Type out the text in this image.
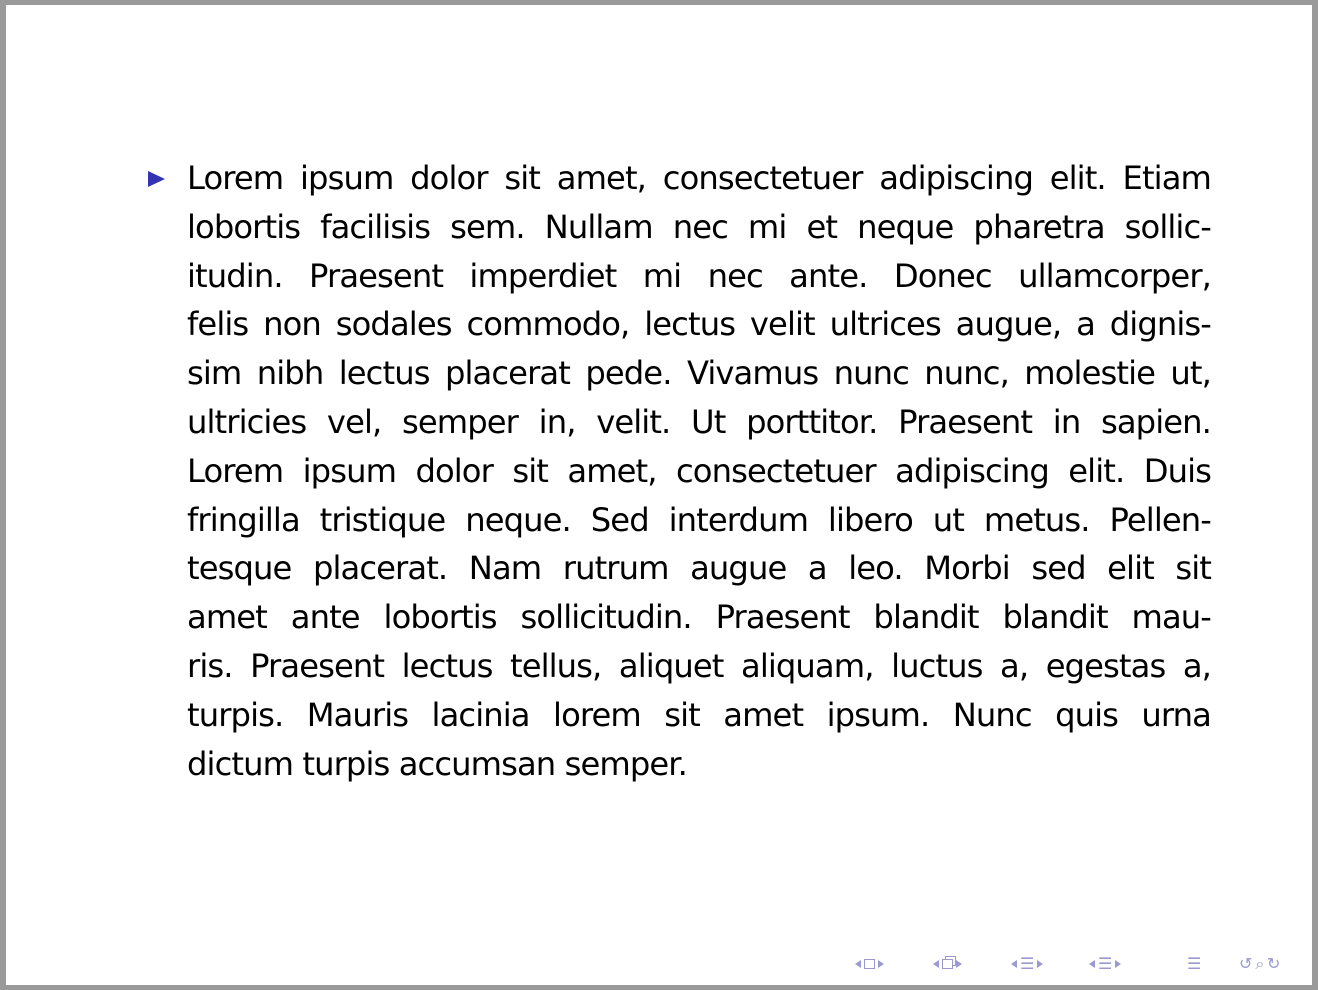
Lorem ipsum dolor sit amet, consectetuer adipiscing elit. Etiam
lobortis facilisis sem. Nullam nec mi et neque pharetra sollic-
itudin. Praesent imperdiet mi nec ante. Donec ullamcorper,
felis non sodales commodo, lectus velit ultrices augue, a dignis-
sim nibh lectus placerat pede. Vivamus nunc nunc, molestie ut,
ultricies vel, semper in, velit. Ut porttitor. Praesent in sapien.
Lorem ipsum dolor sit amet, consectetuer adipiscing elit. Duis
fringilla tristique neque. Sed interdum libero ut metus. Pellen-
tesque placerat. Nam rutrum augue a leo. Morbi sed elit sit
amet ante lobortis sollicitudin. Praesent blandit blandit mau-
ris. Praesent lectus tellus, aliquet aliquam, luctus a, egestas a,
turpis. Mauris lacinia lorem sit amet ipsum. Nunc quis urna
dictum turpis accumsan semper.
☰	☰	☰ ↺ ⌕ ↺
